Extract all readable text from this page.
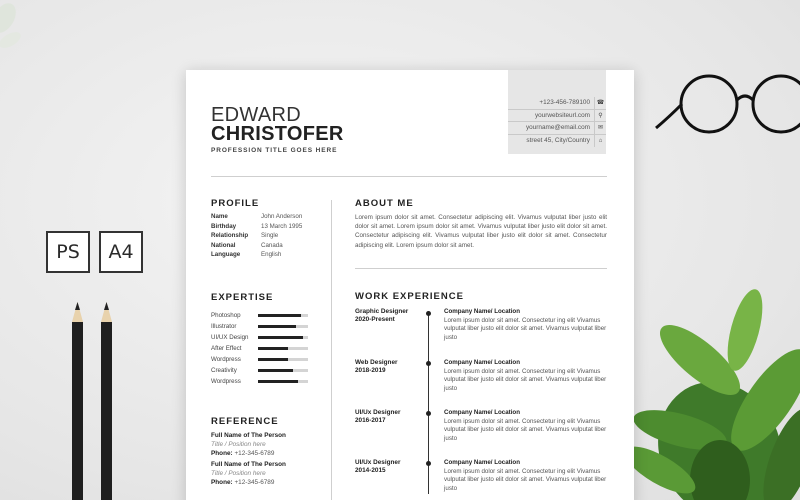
PS A4
+123-456-789100	☎
yourwebsiteurl.com	⚲
yourname@email.com	✉
street 45, City/Country	⌂
EDWARD
CHRISTOFER
PROFESSION TITLE GOES HERE
PROFILE
Name	John Anderson
Birthday	13 March 1995
Relationship	Single
National	Canada
Language	English
EXPERTISE
Photoshop
Illustrator
UI/UX Design
After Effect
Wordpress
Creativity
Wordpress
REFERENCE
Full Name of The Person
Title / Position here
Phone: +12-345-6789
Full Name of The Person
Title / Position here
Phone: +12-345-6789
ABOUT ME
Lorem ipsum dolor sit amet. Consectetur adipiscing elit. Vivamus vulputat liber justo elit dolor sit amet. Lorem ipsum dolor sit amet. Vivamus vulputat liber justo elit dolor sit amet. Consectetur adipiscing elit. Vivamus vulputat liber justo elit dolor sit amet. Consectetur adipiscing elit. Lorem ipsum dolor sit amet.
WORK EXPERIENCE
Graphic Designer
2020-Present
Company Name/ Location
Lorem ipsum dolor sit amet. Consectetur ing elit Vivamus vulputat liber justo elit dolor sit amet. Vivamus vulputat liber justo
Web Designer
2018-2019
Company Name/ Location
Lorem ipsum dolor sit amet. Consectetur ing elit Vivamus vulputat liber justo elit dolor sit amet. Vivamus vulputat liber justo
UI/Ux Designer
2016-2017
Company Name/ Location
Lorem ipsum dolor sit amet. Consectetur ing elit Vivamus vulputat liber justo elit dolor sit amet. Vivamus vulputat liber justo
UI/Ux Designer
2014-2015
Company Name/ Location
Lorem ipsum dolor sit amet. Consectetur ing elit Vivamus vulputat liber justo elit dolor sit amet. Vivamus vulputat liber justo
